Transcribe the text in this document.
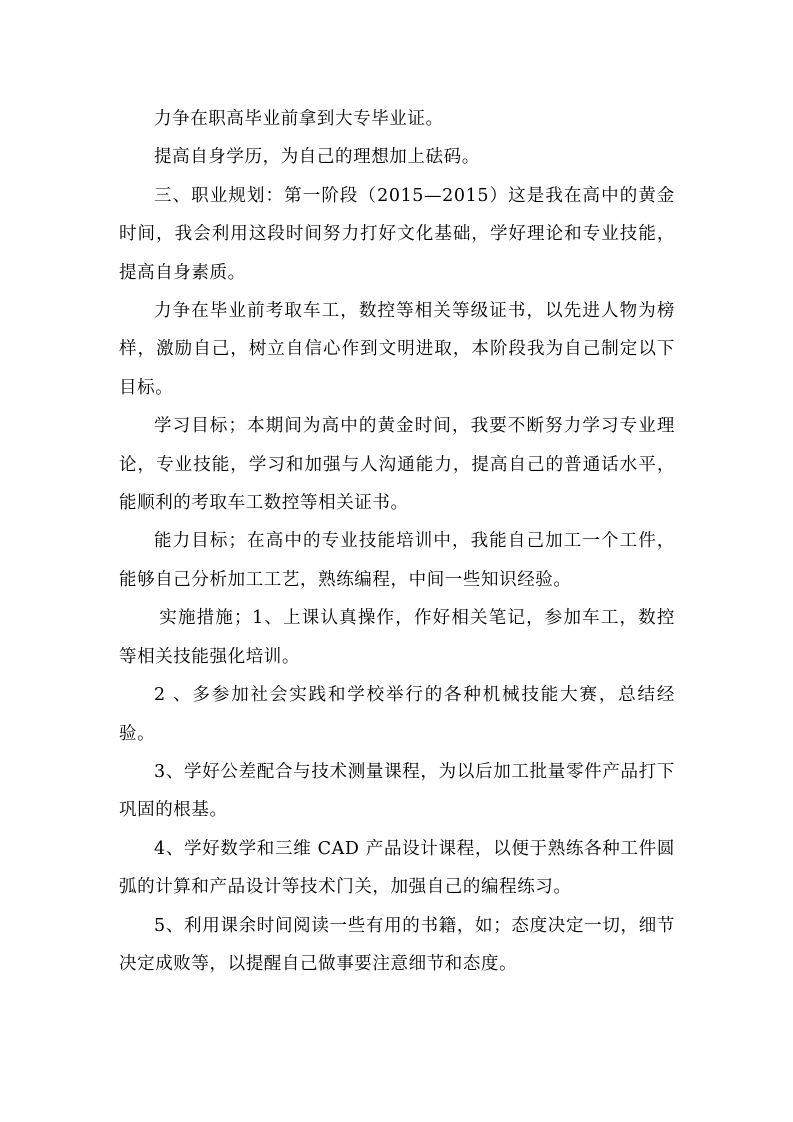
力争在职高毕业前拿到大专毕业证。

提高自身学历，为自己的理想加上砝码。

三、职业规划：第一阶段（2015—2015）这是我在高中的黄金时间，我会利用这段时间努力打好文化基础，学好理论和专业技能，提高自身素质。

力争在毕业前考取车工，数控等相关等级证书，以先进人物为榜样，激励自己，树立自信心作到文明进取，本阶段我为自己制定以下目标。

学习目标；本期间为高中的黄金时间，我要不断努力学习专业理论，专业技能，学习和加强与人沟通能力，提高自己的普通话水平，能顺利的考取车工数控等相关证书。

能力目标；在高中的专业技能培训中，我能自己加工一个工件，能够自己分析加工工艺，熟练编程，中间一些知识经验。

实施措施；1、上课认真操作，作好相关笔记，参加车工，数控等相关技能强化培训。

2 、多参加社会实践和学校举行的各种机械技能大赛，总结经验。

3、学好公差配合与技术测量课程，为以后加工批量零件产品打下巩固的根基。

4、学好数学和三维 CAD 产品设计课程，以便于熟练各种工件圆弧的计算和产品设计等技术门关，加强自己的编程练习。

5、利用课余时间阅读一些有用的书籍，如；态度决定一切，细节决定成败等，以提醒自己做事要注意细节和态度。
